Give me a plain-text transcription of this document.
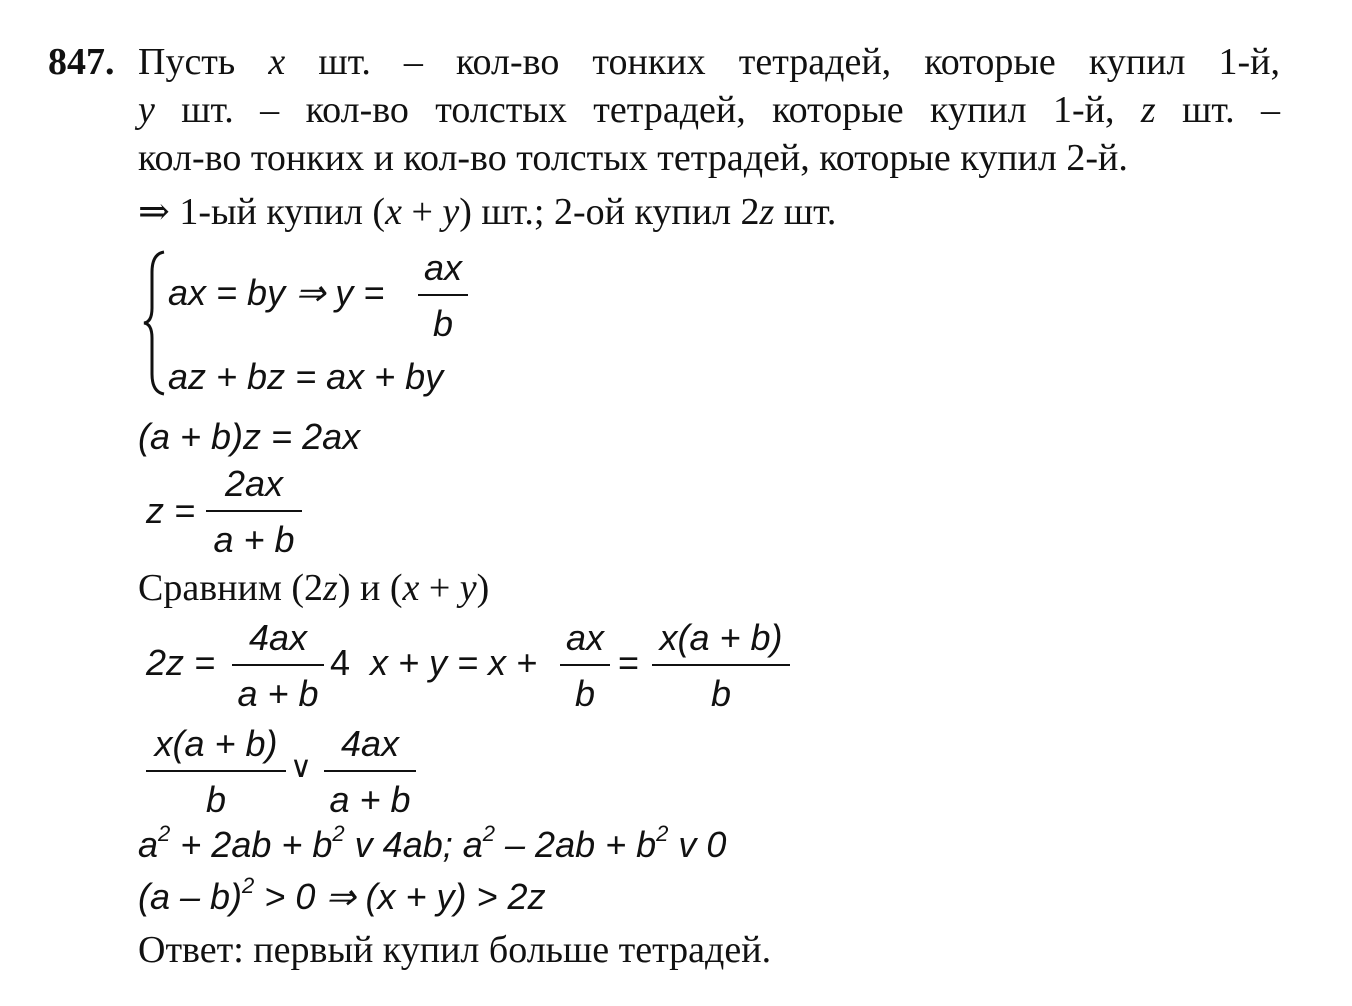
847. Пусть x шт. – кол-во тонких тетрадей, которые купил 1-й,
y шт. – кол-во толстых тетрадей, которые купил 1-й, z шт. –
кол-во тонких и кол-во толстых тетрадей, которые купил 2-й.
⇒ 1-ый купил (x + y) шт.; 2-ой купил 2z шт.
ax = by ⇒ y =
ax
b
az + bz = ax + by
(a + b)z = 2ax
z =
2ax
a + b
Сравним (2z) и (x + y)
2z =
4ax
a + b
4 x + y = x +
ax
b
=
x(a + b)
b
x(a + b)
b
∨
4ax
a + b
$a^2 + 2ab + b^2$ v 4ab; $a^2 - 2ab + b^2$ v 0
(a – b)$^2$ > 0 ⇒ (x + y) > 2z
Ответ: первый купил больше тетрадей.
